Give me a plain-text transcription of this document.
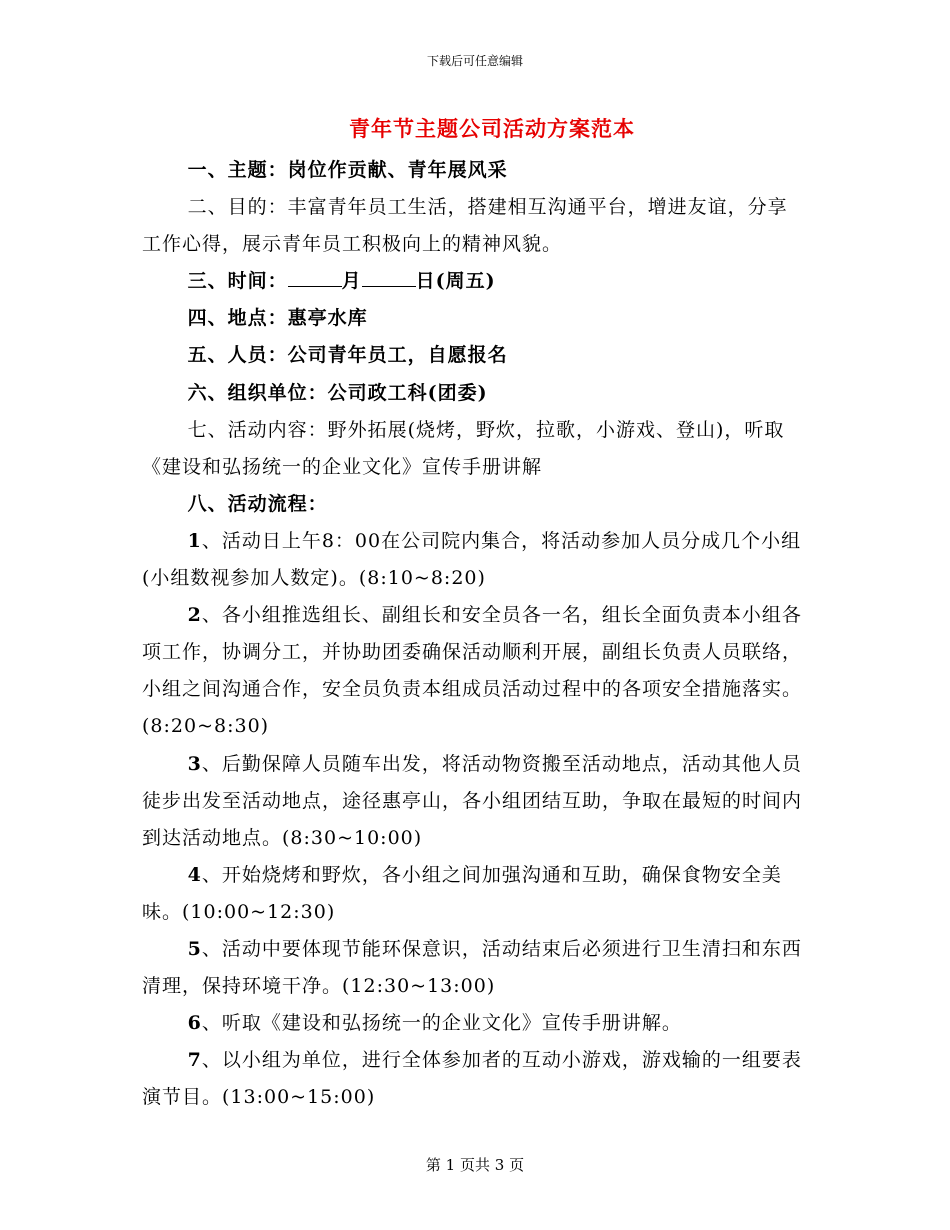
下载后可任意编辑
青年节主题公司活动方案范本

一、主题：岗位作贡献、青年展风采

二、目的：丰富青年员工生活，搭建相互沟通平台，增进友谊，分享工作心得，展示青年员工积极向上的精神风貌。

三、时间：	月	日(周五)

四、地点：惠亭水库

五、人员：公司青年员工，自愿报名

六、组织单位：公司政工科(团委)

七、活动内容：野外拓展(烧烤，野炊，拉歌，小游戏、登山)，听取《建设和弘扬统一的企业文化》宣传手册讲解

八、活动流程：

1、活动日上午8：00在公司院内集合，将活动参加人员分成几个小组(小组数视参加人数定)。(8:10~8:20)

2、各小组推选组长、副组长和安全员各一名，组长全面负责本小组各项工作，协调分工，并协助团委确保活动顺利开展，副组长负责人员联络，小组之间沟通合作，安全员负责本组成员活动过程中的各项安全措施落实。(8:20~8:30)

3、后勤保障人员随车出发，将活动物资搬至活动地点，活动其他人员徒步出发至活动地点，途径惠亭山，各小组团结互助，争取在最短的时间内到达活动地点。(8:30~10:00)

4、开始烧烤和野炊，各小组之间加强沟通和互助，确保食物安全美味。(10:00~12:30)

5、活动中要体现节能环保意识，活动结束后必须进行卫生清扫和东西清理，保持环境干净。(12:30~13:00)

6、听取《建设和弘扬统一的企业文化》宣传手册讲解。

7、以小组为单位，进行全体参加者的互动小游戏，游戏输的一组要表演节目。(13:00~15:00)

第 1 页共 3 页
